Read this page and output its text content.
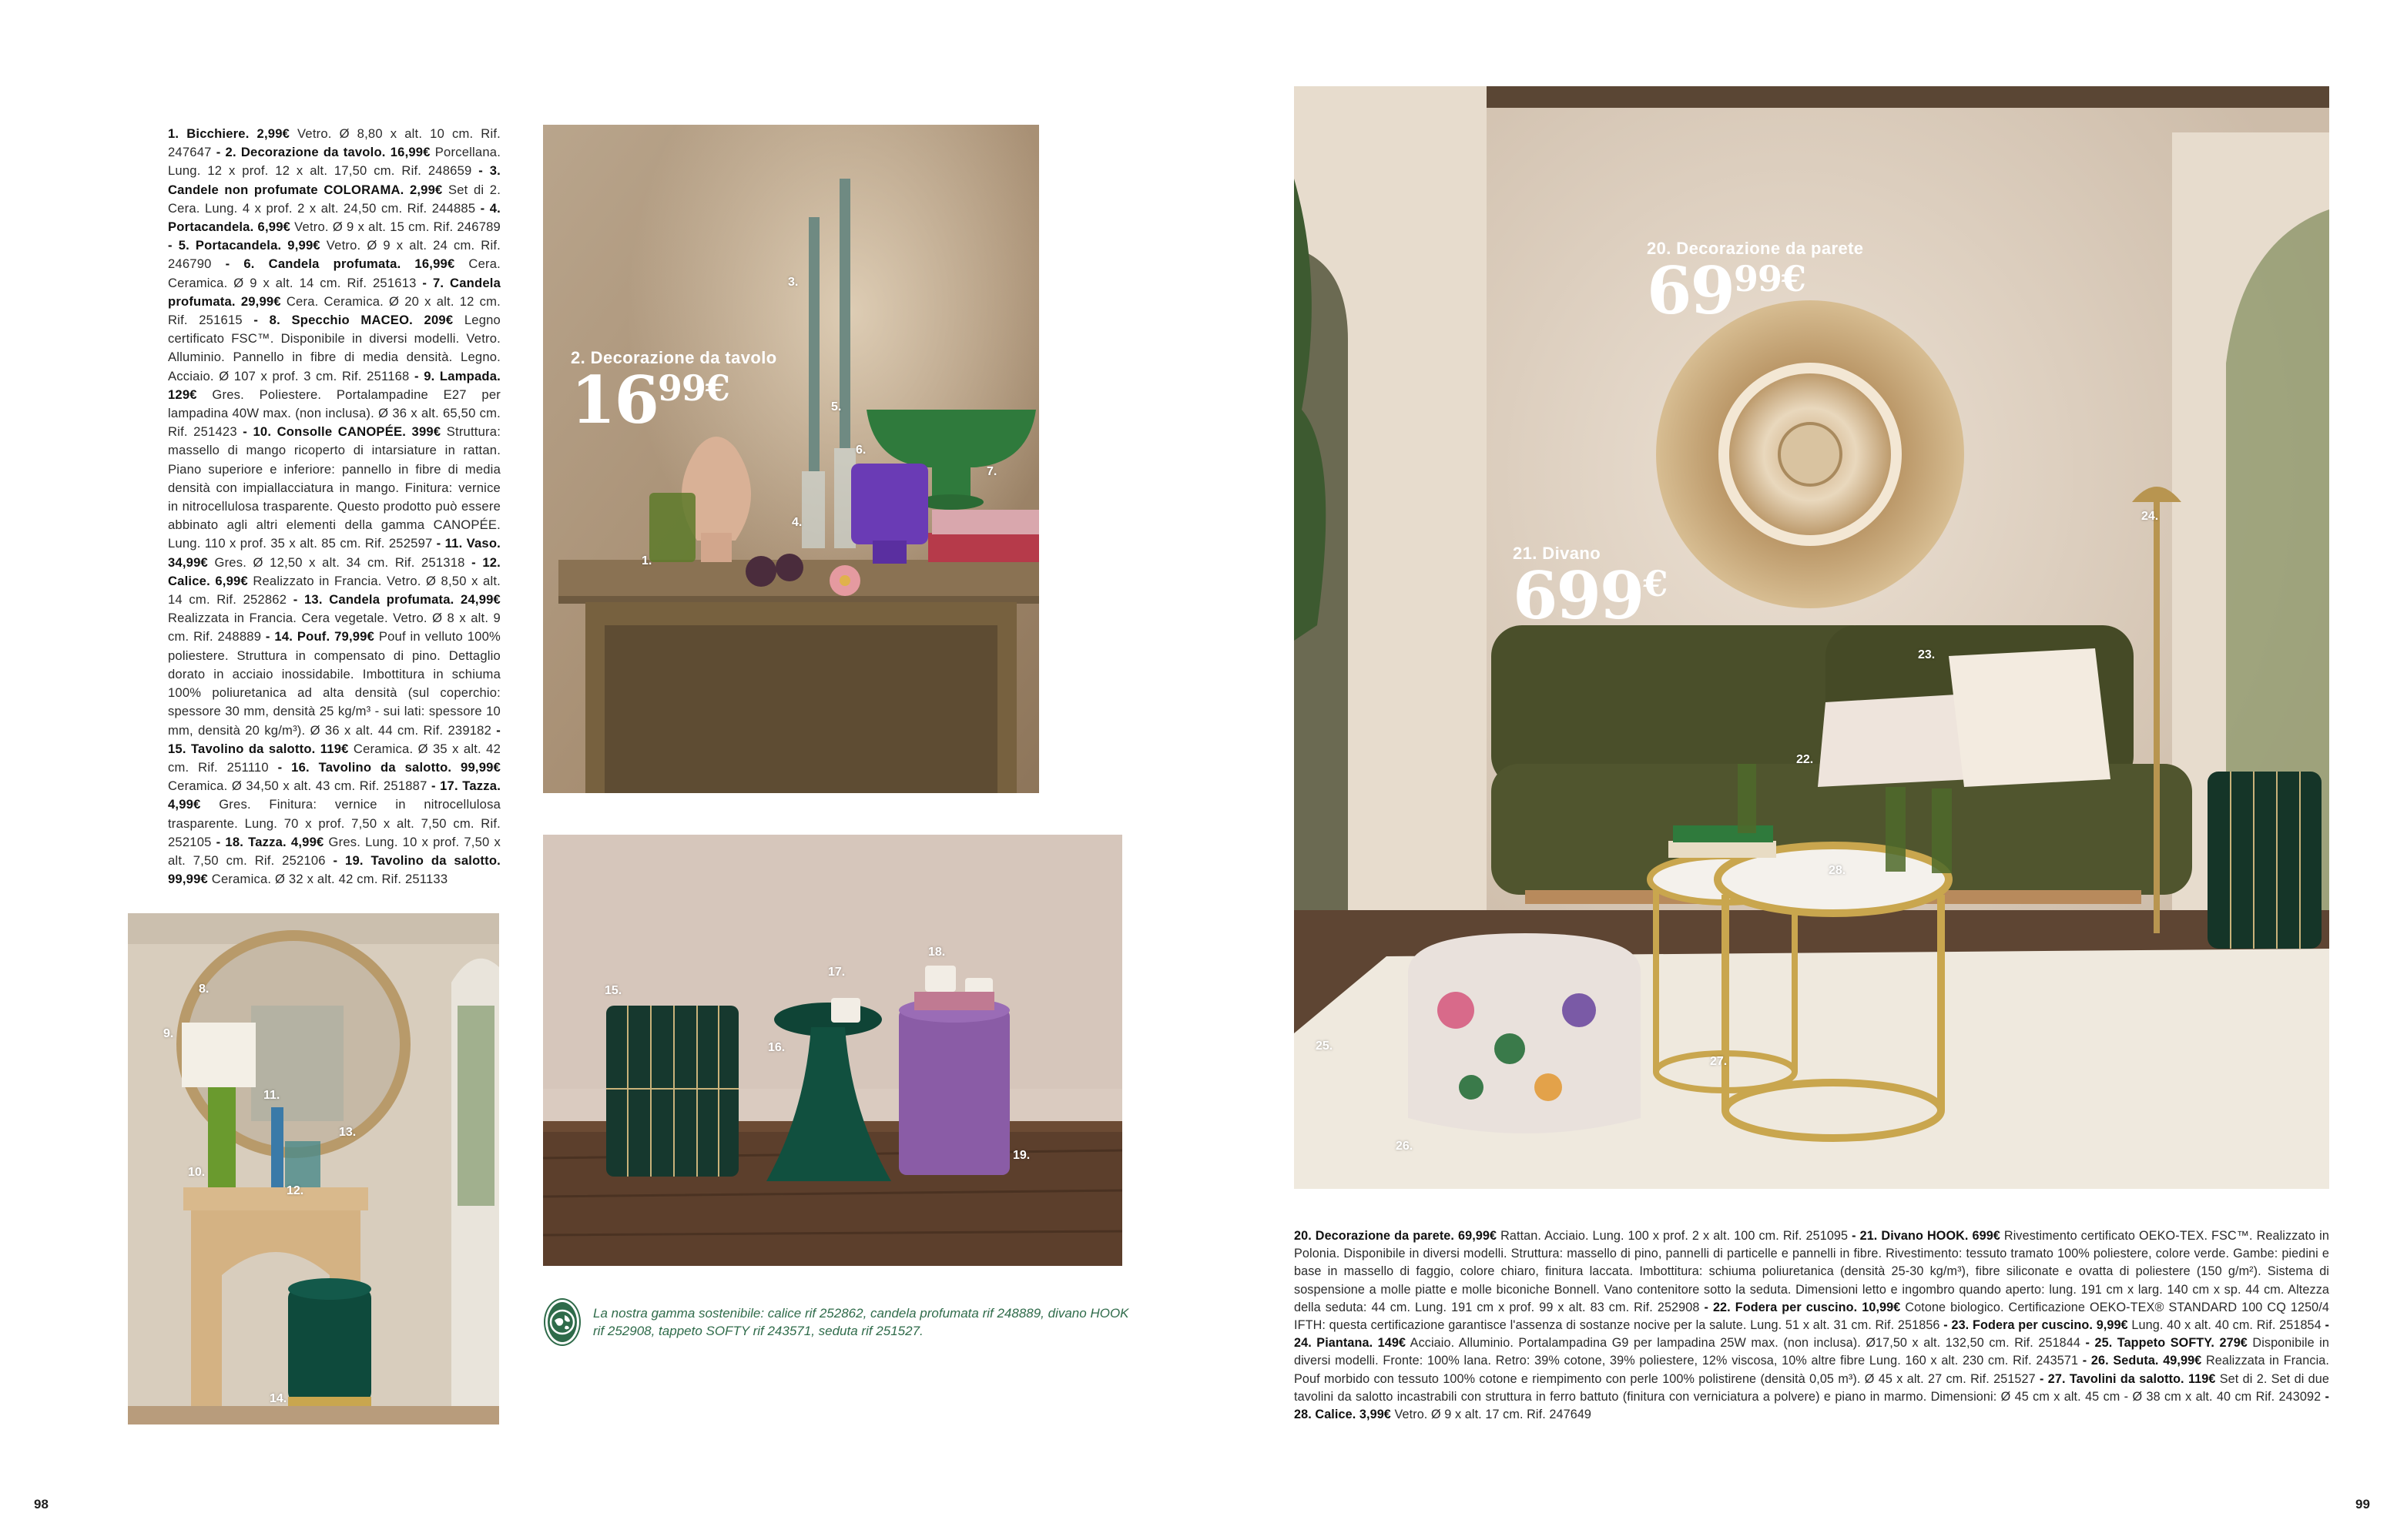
1. Bicchiere. 2,99€ Vetro. Ø 8,80 x alt. 10 cm. Rif. 247647 - 2. Decorazione da tavolo. 16,99€ Porcellana. Lung. 12 x prof. 12 x alt. 17,50 cm. Rif. 248659 - 3. Candele non profumate COLORAMA. 2,99€ Set di 2. Cera. Lung. 4 x prof. 2 x alt. 24,50 cm. Rif. 244885 - 4. Portacandela. 6,99€ Vetro. Ø 9 x alt. 15 cm. Rif. 246789 - 5. Portacandela. 9,99€ Vetro. Ø 9 x alt. 24 cm. Rif. 246790 - 6. Candela profumata. 16,99€ Cera. Ceramica. Ø 9 x alt. 14 cm. Rif. 251613 - 7. Candela profumata. 29,99€ Cera. Ceramica. Ø 20 x alt. 12 cm. Rif. 251615 - 8. Specchio MACEO. 209€ Legno certificato FSC™. Disponibile in diversi modelli. Vetro. Alluminio. Pannello in fibre di media densità. Legno. Acciaio. Ø 107 x prof. 3 cm. Rif. 251168 - 9. Lampada. 129€ Gres. Poliestere. Portalampadine E27 per lampadina 40W max. (non inclusa). Ø 36 x alt. 65,50 cm. Rif. 251423 - 10. Consolle CANOPÉE. 399€ Struttura: massello di mango ricoperto di intarsiature in rattan. Piano superiore e inferiore: pannello in fibre di media densità con impiallacciatura in mango. Finitura: vernice in nitrocellulosa trasparente. Questo prodotto può essere abbinato agli altri elementi della gamma CANOPÉE. Lung. 110 x prof. 35 x alt. 85 cm. Rif. 252597 - 11. Vaso. 34,99€ Gres. Ø 12,50 x alt. 34 cm. Rif. 251318 - 12. Calice. 6,99€ Realizzato in Francia. Vetro. Ø 8,50 x alt. 14 cm. Rif. 252862 - 13. Candela profumata. 24,99€ Realizzata in Francia. Cera vegetale. Vetro. Ø 8 x alt. 9 cm. Rif. 248889 - 14. Pouf. 79,99€ Pouf in velluto 100% poliestere. Struttura in compensato di pino. Dettaglio dorato in acciaio inossidabile. Imbottitura in schiuma 100% poliuretanica ad alta densità (sul coperchio: spessore 30 mm, densità 25 kg/m³ - sui lati: spessore 10 mm, densità 20 kg/m³). Ø 36 x alt. 44 cm. Rif. 239182 - 15. Tavolino da salotto. 119€ Ceramica. Ø 35 x alt. 42 cm. Rif. 251110 - 16. Tavolino da salotto. 99,99€ Ceramica. Ø 34,50 x alt. 43 cm. Rif. 251887 - 17. Tazza. 4,99€ Gres. Finitura: vernice in nitrocellulosa trasparente. Lung. 70 x prof. 7,50 x alt. 7,50 cm. Rif. 252105 - 18. Tazza. 4,99€ Gres. Lung. 10 x prof. 7,50 x alt. 7,50 cm. Rif. 252106 - 19. Tavolino da salotto. 99,99€ Ceramica. Ø 32 x alt. 42 cm. Rif. 251133
2. Decorazione da tavolo
$16^{99€}$
1.
3.
4.
5.
6.
7.
8.
9.
10.
11.
12.
13.
14.
15.
16.
17.
18.
19.
La nostra gamma sostenibile: calice rif 252862, candela profumata rif 248889, divano HOOK rif 252908, tappeto SOFTY rif 243571, seduta rif 251527.
98
20. Decorazione da parete
$69^{99€}$
21. Divano
699€
22.
23.
24.
25.
26.
27.
28.
20. Decorazione da parete. 69,99€ Rattan. Acciaio. Lung. 100 x prof. 2 x alt. 100 cm. Rif. 251095 - 21. Divano HOOK. 699€ Rivestimento certificato OEKO-TEX. FSC™. Realizzato in Polonia. Disponibile in diversi modelli. Struttura: massello di pino, pannelli di particelle e pannelli in fibre. Rivestimento: tessuto tramato 100% poliestere, colore verde. Gambe: piedini e base in massello di faggio, colore chiaro, finitura laccata. Imbottitura: schiuma poliuretanica (densità 25-30 kg/m³), fibre siliconate e ovatta di poliestere (150 g/m²). Sistema di sospensione a molle piatte e molle biconiche Bonnell. Vano contenitore sotto la seduta. Dimensioni letto e ingombro quando aperto: lung. 191 cm x larg. 140 cm x sp. 44 cm. Altezza della seduta: 44 cm. Lung. 191 cm x prof. 99 x alt. 83 cm. Rif. 252908 - 22. Fodera per cuscino. 10,99€ Cotone biologico. Certificazione OEKO-TEX® STANDARD 100 CQ 1250/4 IFTH: questa certificazione garantisce l'assenza di sostanze nocive per la salute. Lung. 51 x alt. 31 cm. Rif. 251856 - 23. Fodera per cuscino. 9,99€ Lung. 40 x alt. 40 cm. Rif. 251854 - 24. Piantana. 149€ Acciaio. Alluminio. Portalampadina G9 per lampadina 25W max. (non inclusa). Ø17,50 x alt. 132,50 cm. Rif. 251844 - 25. Tappeto SOFTY. 279€ Disponibile in diversi modelli. Fronte: 100% lana. Retro: 39% cotone, 39% poliestere, 12% viscosa, 10% altre fibre Lung. 160 x alt. 230 cm. Rif. 243571 - 26. Seduta. 49,99€ Realizzata in Francia. Pouf morbido con tessuto 100% cotone e riempimento con perle 100% polistirene (densità 0,05 m³). Ø 45 x alt. 27 cm. Rif. 251527 - 27. Tavolini da salotto. 119€ Set di 2. Set di due tavolini da salotto incastrabili con struttura in ferro battuto (finitura con verniciatura a polvere) e piano in marmo. Dimensioni: Ø 45 cm x alt. 45 cm - Ø 38 cm x alt. 40 cm Rif. 243092 - 28. Calice. 3,99€ Vetro. Ø 9 x alt. 17 cm. Rif. 247649
99
